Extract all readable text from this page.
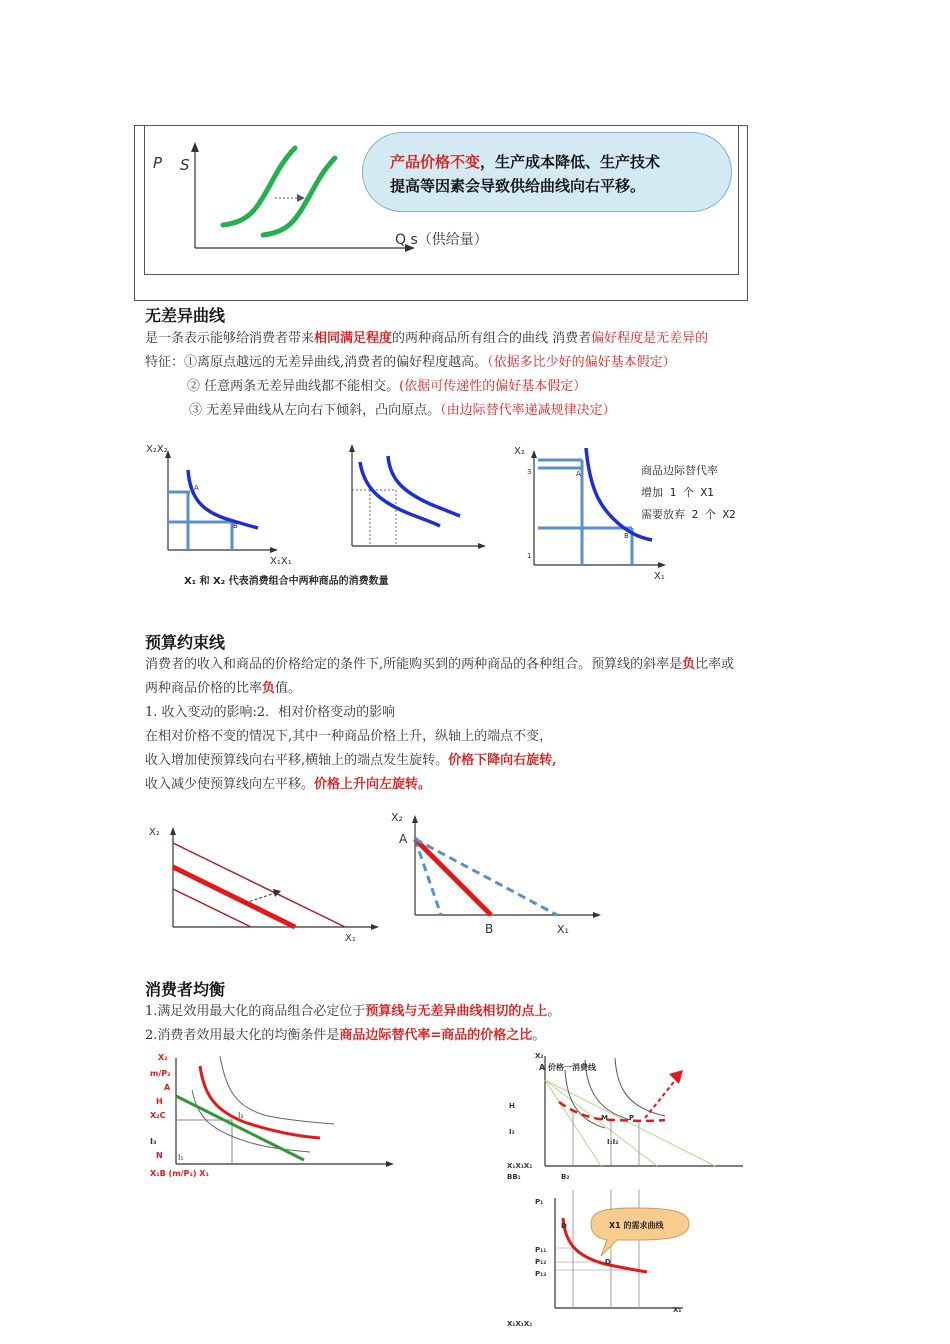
P S
Q s（供给量）
产品价格不变，生产成本降低、生产技术
提高等因素会导致供给曲线向右平移。
无差异曲线
是一条表示能够给消费者带来相同满足程度的两种商品所有组合的曲线 消费者偏好程度是无差异的
特征：①离原点越远的无差异曲线,消费者的偏好程度越高。（依据多比少好的偏好基本假定）
② 任意两条无差异曲线都不能相交。(依据可传递性的偏好基本假定）
③ 无差异曲线从左向右下倾斜，凸向原点。（由边际替代率递减规律决定）
X₂X₂
X₁X₁
A
B
X₁ 和 X₂ 代表消费组合中两种商品的消费数量
X₂
X₁
3
1
A
B
商品边际替代率
增加 1 个 X1
需要放弃 2 个 X2
预算约束线
消费者的收入和商品的价格给定的条件下,所能购买到的两种商品的各种组合。预算线的斜率是负比率或
两种商品价格的比率负值。
1. 收入变动的影响:2．相对价格变动的影响
在相对价格不变的情况下,其中一种商品价格上升，纵轴上的端点不变，
收入增加使预算线向右平移,横轴上的端点发生旋转。价格下降向右旋转,
收入减少使预算线向左平移。价格上升向左旋转。
X₂
X₁
X₂
A
B	X₁
消费者均衡
1.满足效用最大化的商品组合必定位于预算线与无差异曲线相切的点上。
2.消费者效用最大化的均衡条件是商品边际替代率=商品的价格之比。
X₂
m/P₂
A
H
X₂C
I₃
N
X₁B (m/P₁) X₁
I₂
I₁
X₂
A 价格一消费线
H
I₃
M	P
I₁I₂
X₁X₁X₁
BB₁	B₂
X1 的需求曲线
P₁
D
D
P₁₁
P₁₂
P₁₃
X₁
X₁X₁X₁
